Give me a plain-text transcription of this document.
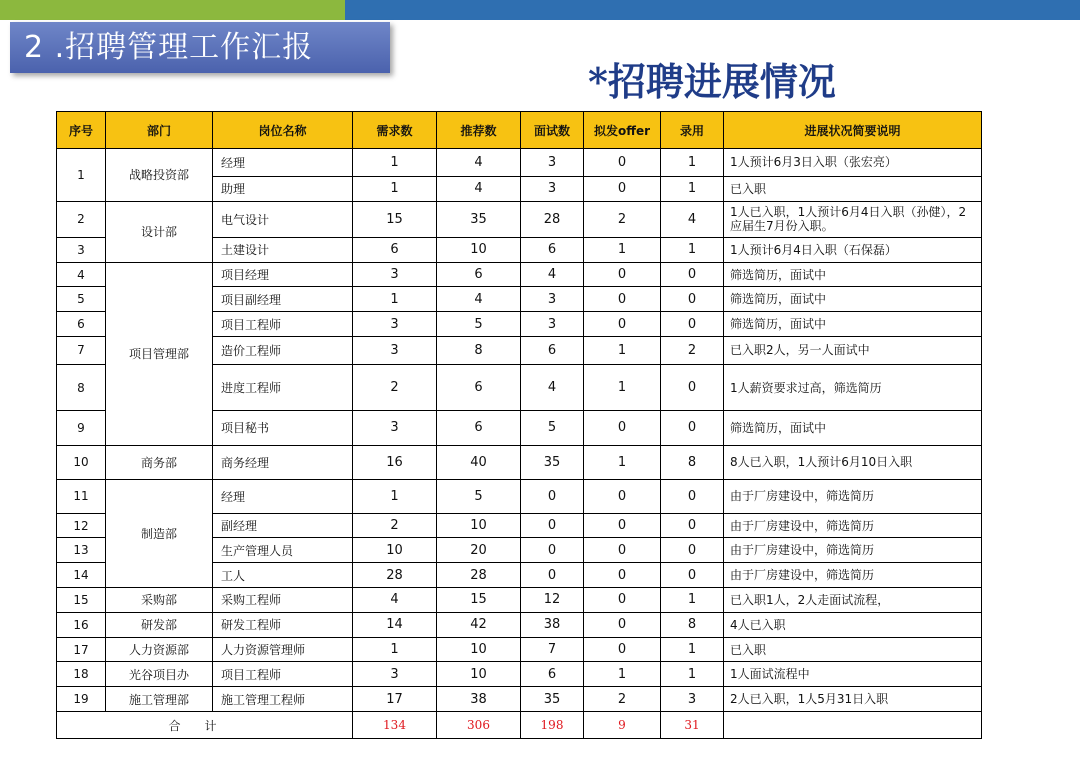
2 .招聘管理工作汇报
*招聘进展情况
序号	部门	岗位名称	需求数	推荐数	面试数	拟发offer	录用	进展状况简要说明
1	战略投资部	经理	1	4	3	0	1	1人预计6月3日入职（张宏亮）
		助理	1	4	3	0	1	已入职
2	设计部	电气设计	15	35	28	2	4	1人已入职，1人预计6月4日入职（孙健），2应届生7月份入职。
3		土建设计	6	10	6	1	1	1人预计6月4日入职（石保磊）
4	项目管理部	项目经理	3	6	4	0	0	筛选简历，面试中
5		项目副经理	1	4	3	0	0	筛选简历，面试中
6		项目工程师	3	5	3	0	0	筛选简历，面试中
7		造价工程师	3	8	6	1	2	已入职2人，另一人面试中
8		进度工程师	2	6	4	1	0	1人薪资要求过高，筛选简历
9		项目秘书	3	6	5	0	0	筛选简历，面试中
10	商务部	商务经理	16	40	35	1	8	8人已入职，1人预计6月10日入职
11	制造部	经理	1	5	0	0	0	由于厂房建设中，筛选简历
12		副经理	2	10	0	0	0	由于厂房建设中，筛选简历
13		生产管理人员	10	20	0	0	0	由于厂房建设中，筛选简历
14		工人	28	28	0	0	0	由于厂房建设中，筛选简历
15	采购部	采购工程师	4	15	12	0	1	已入职1人，2人走面试流程，
16	研发部	研发工程师	14	42	38	0	8	4人已入职
17	人力资源部	人力资源管理师	1	10	7	0	1	已入职
18	光谷项目办	项目工程师	3	10	6	1	1	1人面试流程中
19	施工管理部	施工管理工程师	17	38	35	2	3	2人已入职，1人5月31日入职
合计			134	306	198	9	31	
